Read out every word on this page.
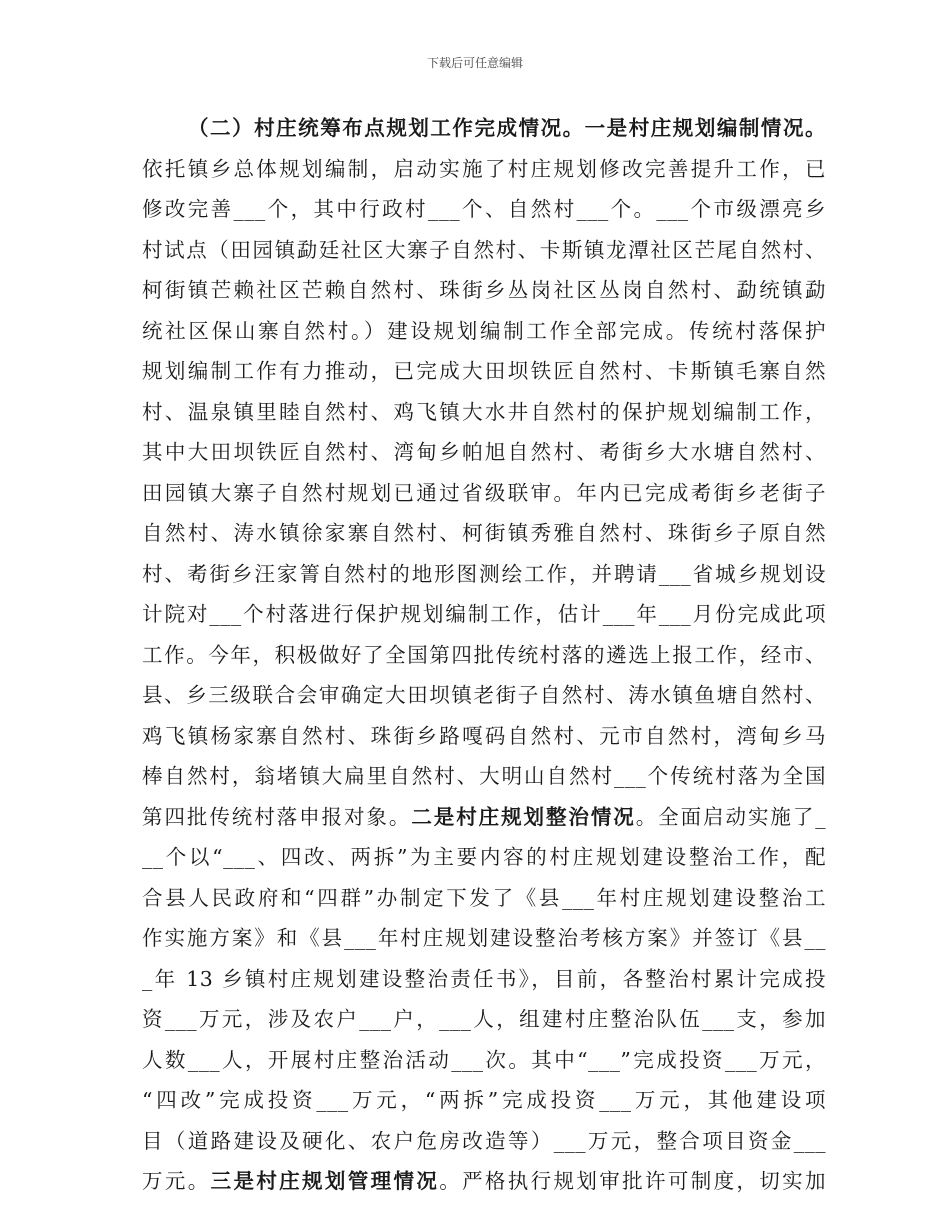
下载后可任意编辑
（二）村庄统筹布点规划工作完成情况。一是村庄规划编制情况。
依托镇乡总体规划编制，启动实施了村庄规划修改完善提升工作，已
修改完善___个，其中行政村___个、自然村___个。___个市级漂亮乡
村试点（田园镇勐廷社区大寨子自然村、卡斯镇龙潭社区芒尾自然村、
柯街镇芒赖社区芒赖自然村、珠街乡丛岗社区丛岗自然村、勐统镇勐
统社区保山寨自然村。）建设规划编制工作全部完成。传统村落保护
规划编制工作有力推动，已完成大田坝铁匠自然村、卡斯镇毛寨自然
村、温泉镇里睦自然村、鸡飞镇大水井自然村的保护规划编制工作，
其中大田坝铁匠自然村、湾甸乡帕旭自然村、耇街乡大水塘自然村、
田园镇大寨子自然村规划已通过省级联审。年内已完成耇街乡老街子
自然村、涛水镇徐家寨自然村、柯街镇秀雅自然村、珠街乡子原自然
村、耇街乡汪家箐自然村的地形图测绘工作，并聘请___省城乡规划设
计院对___个村落进行保护规划编制工作，估计___年___月份完成此项
工作。今年，积极做好了全国第四批传统村落的遴选上报工作，经市、
县、乡三级联合会审确定大田坝镇老街子自然村、涛水镇鱼塘自然村、
鸡飞镇杨家寨自然村、珠街乡路嘎码自然村、元市自然村，湾甸乡马
棒自然村，翁堵镇大扁里自然村、大明山自然村___个传统村落为全国
第四批传统村落申报对象。二是村庄规划整治情况。全面启动实施了_
__个以“___、四改、两拆”为主要内容的村庄规划建设整治工作，配
合县人民政府和“四群”办制定下发了《县___年村庄规划建设整治工
作实施方案》和《县___年村庄规划建设整治考核方案》并签订《县__
_年 13 乡镇村庄规划建设整治责任书》，目前，各整治村累计完成投
资___万元，涉及农户___户，___人，组建村庄整治队伍___支，参加
人数___人，开展村庄整治活动___次。其中“___”完成投资___万元，
“四改”完成投资___万元，“两拆”完成投资___万元，其他建设项
目（道路建设及硬化、农户危房改造等）___万元，整合项目资金___
万元。三是村庄规划管理情况。严格执行规划审批许可制度，切实加
